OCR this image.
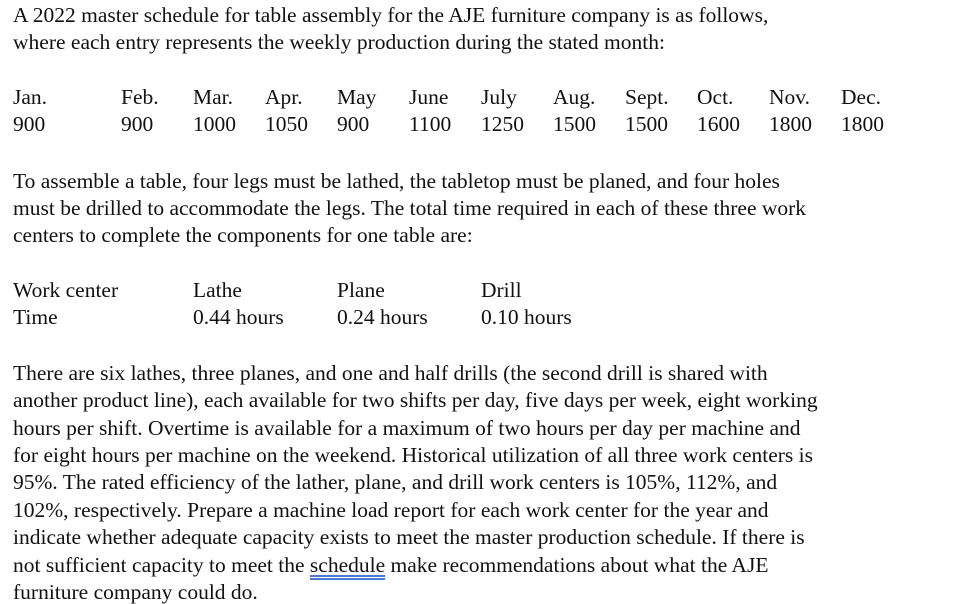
A 2022 master schedule for table assembly for the AJE furniture company is as follows,
where each entry represents the weekly production during the stated month:
Jan.	Feb. Mar. Apr. May June July Aug. Sept. Oct. Nov. Dec.
900	900 1000 1050 900 1100 1250 1500 1500 1600 1800 1800
To assemble a table, four legs must be lathed, the tabletop must be planed, and four holes
must be drilled to accommodate the legs. The total time required in each of these three work
centers to complete the components for one table are:
Work center	Lathe	Plane	Drill
Time	0.44 hours 0.24 hours 0.10 hours
There are six lathes, three planes, and one and half drills (the second drill is shared with
another product line), each available for two shifts per day, five days per week, eight working
hours per shift. Overtime is available for a maximum of two hours per day per machine and
for eight hours per machine on the weekend. Historical utilization of all three work centers is
95%. The rated efficiency of the lather, plane, and drill work centers is 105%, 112%, and
102%, respectively. Prepare a machine load report for each work center for the year and
indicate whether adequate capacity exists to meet the master production schedule. If there is
not sufficient capacity to meet the schedule make recommendations about what the AJE
furniture company could do.
